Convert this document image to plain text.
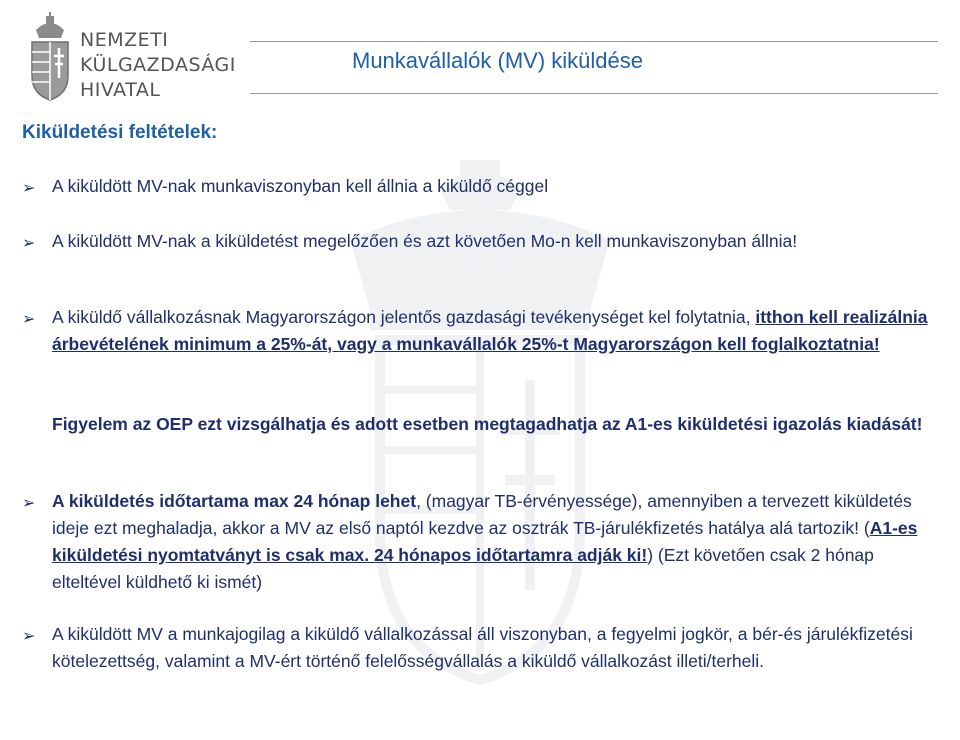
NEMZETI
KÜLGAZDASÁGI
HIVATAL
Munkavállalók (MV) kiküldése
Kiküldetési feltételek:
➢ A kiküldött MV-nak munkaviszonyban kell állnia a kiküldő céggel
➢ A kiküldött MV-nak a kiküldetést megelőzően és azt követően Mo-n kell munkaviszonyban állnia!
➢ A kiküldő vállalkozásnak Magyarországon jelentős gazdasági tevékenységet kel folytatnia, itthon kell realizálnia árbevételének minimum a 25%-át, vagy a munkavállalók 25%-t Magyarországon kell foglalkoztatnia!
Figyelem az OEP ezt vizsgálhatja és adott esetben megtagadhatja az A1-es kiküldetési igazolás kiadását!
➢ A kiküldetés időtartama max 24 hónap lehet, (magyar TB-érvényessége), amennyiben a tervezett kiküldetés ideje ezt meghaladja, akkor a MV az első naptól kezdve az osztrák TB-járulékfizetés hatálya alá tartozik! (A1-es kiküldetési nyomtatványt is csak max. 24 hónapos időtartamra adják ki!) (Ezt követően csak 2 hónap elteltével küldhető ki ismét)
➢ A kiküldött MV a munkajogilag a kiküldő vállalkozással áll viszonyban, a fegyelmi jogkör, a bér-és járulékfizetési kötelezettség, valamint a MV-ért történő felelősségvállalás a kiküldő vállalkozást illeti/terheli.
